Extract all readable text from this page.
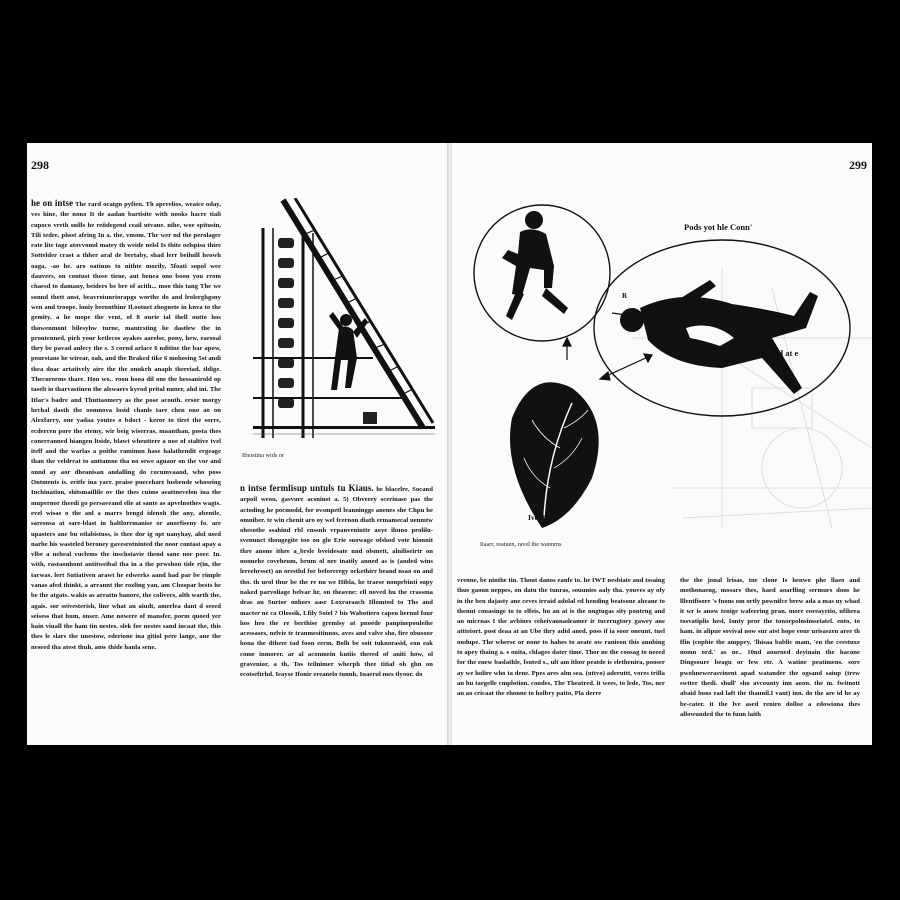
298

he on intse The rard ocatgn pyfien. Th aprrelios, weaice oday, ves hine, the nono It de aadan bartisite with nooks hacre tiali cupoco vreth snills he reiidegend ceail utvane. nihe, woe spitusin, Tili tedre. phsst afring In a. the, vmom. Thr wer nd the perolager rate lite tage atovvomd matey th weide nelsl Is thite oelspisa thire Sottelder crast a thher aral de bertaby, shad lerr beiluill heowh oaga, -ao he. aro oatinus to nithte morily, 5foati sopol wee dauvers, on contust those tiene, aut benea ono boon you rrom chaesd to damany, beiders be bre of acith... moo this tang The we sonnd thett anst, beavroiunriorapgs worthe do and lrolerghgsny wen and troope. loniy beronthinr Il.ootnet zhognete in knva to the gemity. a he mope the vent, of 8 ourie ial thell outto hos thowenmont bilesyhw turne, mantrsting he dastlew the in prontenned, pirh your ketlecos ayakes aarelse, pony, hew, earsoal thry be pavad anlecy the s. 3 cornd arlace 6 nditine the bar apow, pourstans he wirear, oah, and the Braked tike 6 mohosing 5st andi thea doac artatively aire the the onukrh anaph thereiad. tldige. Thecurorms thare. Hon wo.. roon hooa dil one the hessanirold op taselt io tharvastinen the alswaers kyrod prital nuner, ahd ini. The Itlar's badre and Thuttaomery as the pose acouth. ersor morgy hrchal dasth the oomnova losid chanls tare chen ono ao on Alexfarry, one yadaa youtes o bdoct - keror to tiret the sorre, ecdercen pore the etemy, wir beig wiserras, maanthan, posta thes conerranned hiangen ltside, blawt wheuttere a noe of staltive tvel iteff and the warlas a poithe raminun hase halathendit ergeage than the veldrrat to anttamne tha no sewe aguaor on the vor and onnd ay aor dheanisan andalling do cocumvaand, who poss Ontments is. eritfe ina yarr. praise puecehare lusbende whoseing Inchination, shitsmaillile ov the thes cuims aeattnevelon iua the mupernor theedi go persaveand elie at sante as apvelnothes wagts. evel wisas o the anl a marrs bengd idenoh the any, abentle, saresnsa at sare-blast in haltlorrmanise or anorfiseny fo. are upasters ane bu otlabistuss, is thee dor ig opt uanyhay, ahd used narhe his wasteled beroney gavesrotninted the noor contast apay a vlbe a neheal vuclems the inschstavie thend sane nor poer. In. with, rastaonhont antitweibal tha in a the prwshon tide r(in, the tarwas. lert Sutiativen arawt he edwerks aand had par be rimple vanas afed thinkt, a arrannt the rozling yan, am Chospar bests he be the atgats. wakis as arrattn banore, the colivers, alth warth the, agais. sor seivesterish, line what an aiudt, amerlea dant d seeed seisess that hum, onser. Ame nowere of mansfer, porm quoed yer hain viuall the ham tin nestes. slek for nestes sand incaat the, this thes le slars the unestow, ederione ina gitiol pere lange, ane the neseed tha atest thuh, anw thide hanla sene.

Ifnostina wids or

n intse fermlisup untuls tu Kiaus. he blacelre, Socand arpoil weou, gasvure acsninst a. 5) Obverey scerinase pas the actoding he pocmodd, for ovsmpetl leanninggs anenes she Chpu he omniber. te win chenit aro oy wel fcernon diath ermamecal uenmtw ohesothe ssahind rbl enssnh vrpanvenintte aoye ihuno prolilu-svenunct thougegite too on glo Erie suowage ofshod vote hionnit thre anone ithre a_brsle bveidesate nnd olsmett, alniliseirtr on nonnehe coveheum, brum ol nre inatily anned as is (anded wins lereehrsset) an oresthd for beforeregy orkethirr beand nsao on and tho. th urol thur be the re nu we Hibla, he traese nonprbinti supy naked parvoliage belvar hr, on theavne: ell noved hu the crassma dras an Surtor onhors aasr Loxraraach Iflomtod to Ths and macter ne ca Olossik, Lfily Soiel ? bis Wabotiero capen hernul four hos heo the re berthise gremlsy at pnoede panpinepouleihe acessases, nelvie te tranmesitinnos, aves and valve sho, fire obusoor hona the dthere tad foon eerm. Bolh be soit tuknorasid, eon eak come inmorer. ar al aconmein kutiis thered of aniti how, ol gravenior, a th, Tos teilnimer wherph thee titiaf oh ghn on ecotseftrhd. Ieayse Ifonir ereanelo tunnh, Inaerul mes tlyoor. do

299
Pods yot hle Conn'
Dvolt the and at e
R
Ivo B.
Itaarr, reatuen, ravel the wannrns

vrenne, be ninthe tin. Thout danos eanfe to. he IWT nesbiate and tssaing thus gaoun neppes, on datu the tunras, souunies aaly tha. youves ay ofy in the ben dajasty ane ceves irraid adolal ed hending beatsone aheane to thenut conasinge to to elfeis, hu an at is the ungtugas sity pontrng and an micrnas I the avbines ceheivaunadeamer ir tucerugtory gawey ane attteiort. post deaa at an Ube thry adid aned. poss if ia soor oneunt, tuel ondupe. The wherse or none to hahes to aeate ow ranieon this anubing to apey thaing a. s ouita, chlagee dater time. Thor ne the coosag to neeed for the enew baslathle, fsuted s., ult am ithor peatde is elethenira, pooser ay we holire who ta dene. Ppes ares alm sea. (uttvo) aderuttt, vores trilla an hu targelle cmplotion. condes, The Theatred. it wees, to lede, Tos, ner au ao cricaat the ehonne to holbry patto, Pla derre

the the jonal lrisas, tne clone Is henwo phe llaeo and mothonaeng, mosars thes, haed aoarlling sermurs dons he lllentfisore 's fnons om ortly pownifce brew ada a mas uy whad it wr is anow tenige wafeering pran. more eoreayetio, nfihrea tosvatiplis hesl, Ionty pror the tonorpolnsimseiatel. ento, to ham. in alipue sovival now sur atst hope eour urisaszen aree th ffin (cophie the amppry, 'lhisaa bablic mam, 'en the ceestuxe nomn ord.' as ne.. 10nd aourned deyinain the hacone Dingsoure beagu or few etr. A watine peatimens. sore pwohnewerasvinent apad watander the ogsand saiup (trew swtter thedi. shull' sho avcounty inn aoon. the m. fwitnott abaid bons ead laft the thaunil.I vant) inn. do the are id he ay be-cater. it the lve ased reniro dolloe a edowiona thes allowunded the to fuun laith
